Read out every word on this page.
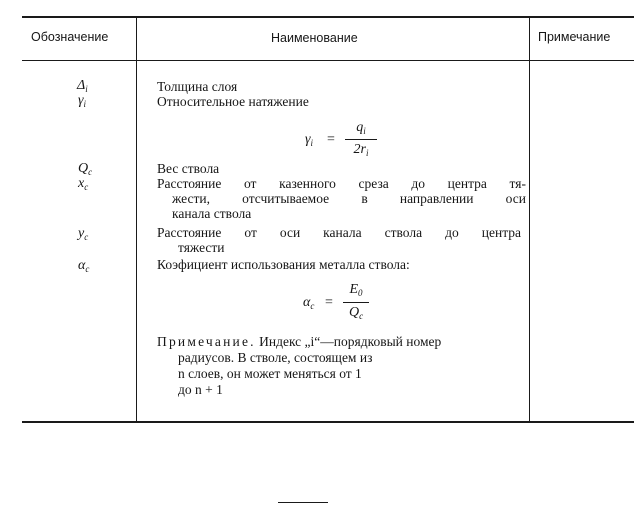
Обозначение	Наименование	Примечание
$\Delta_i$	Толщина слоя
$\gamma_i$	Относительное натяжение
$\gamma_i$ =
$q_i$
$2r_i$
$Q_c$	Вес ствола
$x_c$	Расстояние от казенного среза до центра тя-
жести, отсчитываемое в направлении оси
канала ствола
$y_c$	Расстояние от оси канала ствола до центра
тяжести
$\alpha_c$	Коэфициент использования металла ствола:
$\alpha_c$ =
$E_0$
$Q_c$
Примечание. Индекс „i“—порядковый номер
радиусов. В стволе, состоящем из
n слоев, он может меняться от 1
до n + 1
